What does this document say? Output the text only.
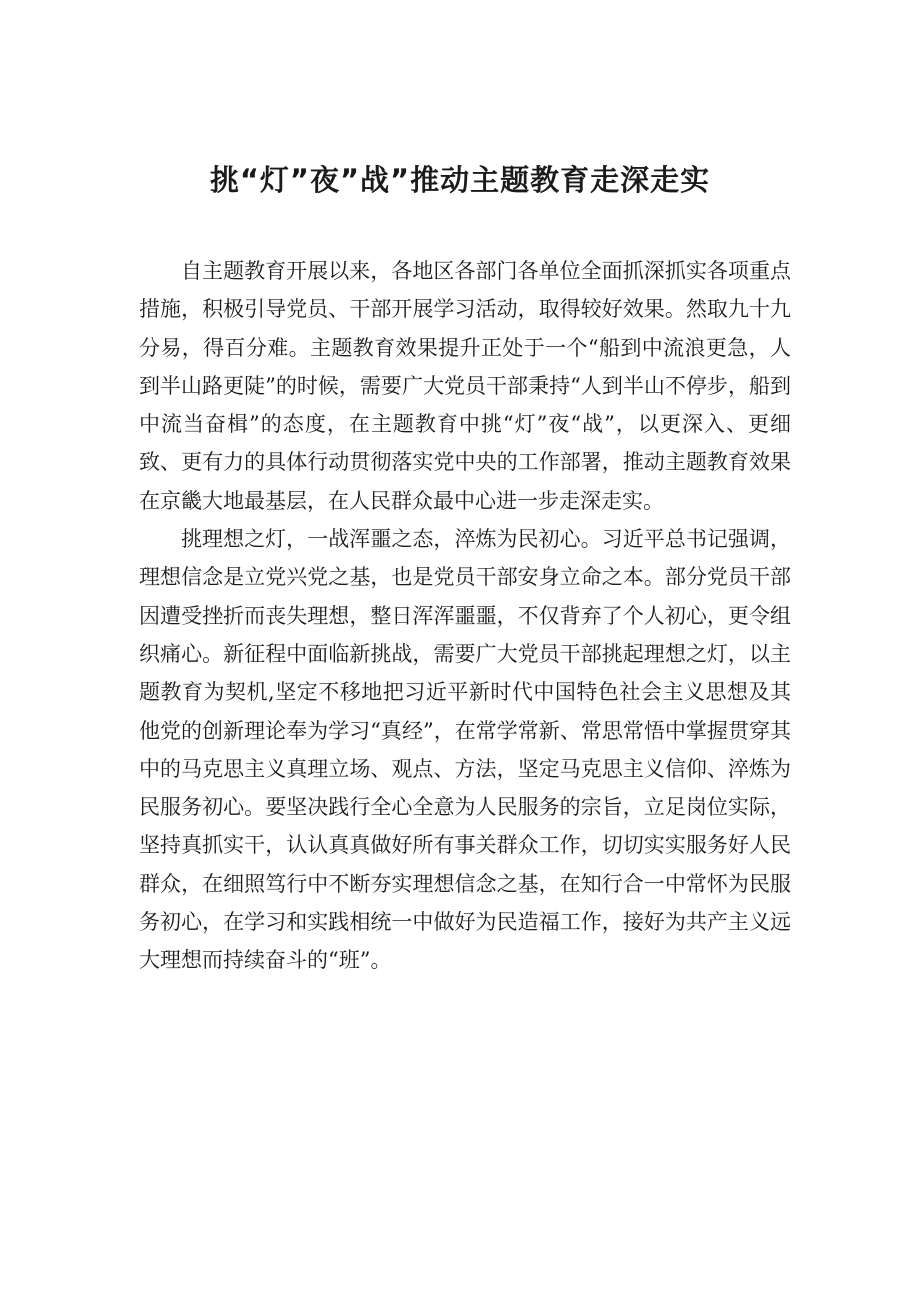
挑“灯”夜”战”推动主题教育走深走实

自主题教育开展以来，各地区各部门各单位全面抓深抓实各项重点措施，积极引导党员、干部开展学习活动，取得较好效果。然取九十九分易，得百分难。主题教育效果提升正处于一个“船到中流浪更急，人到半山路更陡”的时候，需要广大党员干部秉持“人到半山不停步，船到中流当奋楫”的态度，在主题教育中挑“灯”夜“战”，以更深入、更细致、更有力的具体行动贯彻落实党中央的工作部署，推动主题教育效果在京畿大地最基层，在人民群众最中心进一步走深走实。

挑理想之灯，一战浑噩之态，淬炼为民初心。习近平总书记强调，理想信念是立党兴党之基，也是党员干部安身立命之本。部分党员干部因遭受挫折而丧失理想，整日浑浑噩噩，不仅背弃了个人初心，更令组织痛心。新征程中面临新挑战，需要广大党员干部挑起理想之灯，以主题教育为契机,坚定不移地把习近平新时代中国特色社会主义思想及其他党的创新理论奉为学习“真经”，在常学常新、常思常悟中掌握贯穿其中的马克思主义真理立场、观点、方法，坚定马克思主义信仰、淬炼为民服务初心。要坚决践行全心全意为人民服务的宗旨，立足岗位实际，坚持真抓实干，认认真真做好所有事关群众工作，切切实实服务好人民群众，在细照笃行中不断夯实理想信念之基，在知行合一中常怀为民服务初心，在学习和实践相统一中做好为民造福工作，接好为共产主义远大理想而持续奋斗的“班”。
